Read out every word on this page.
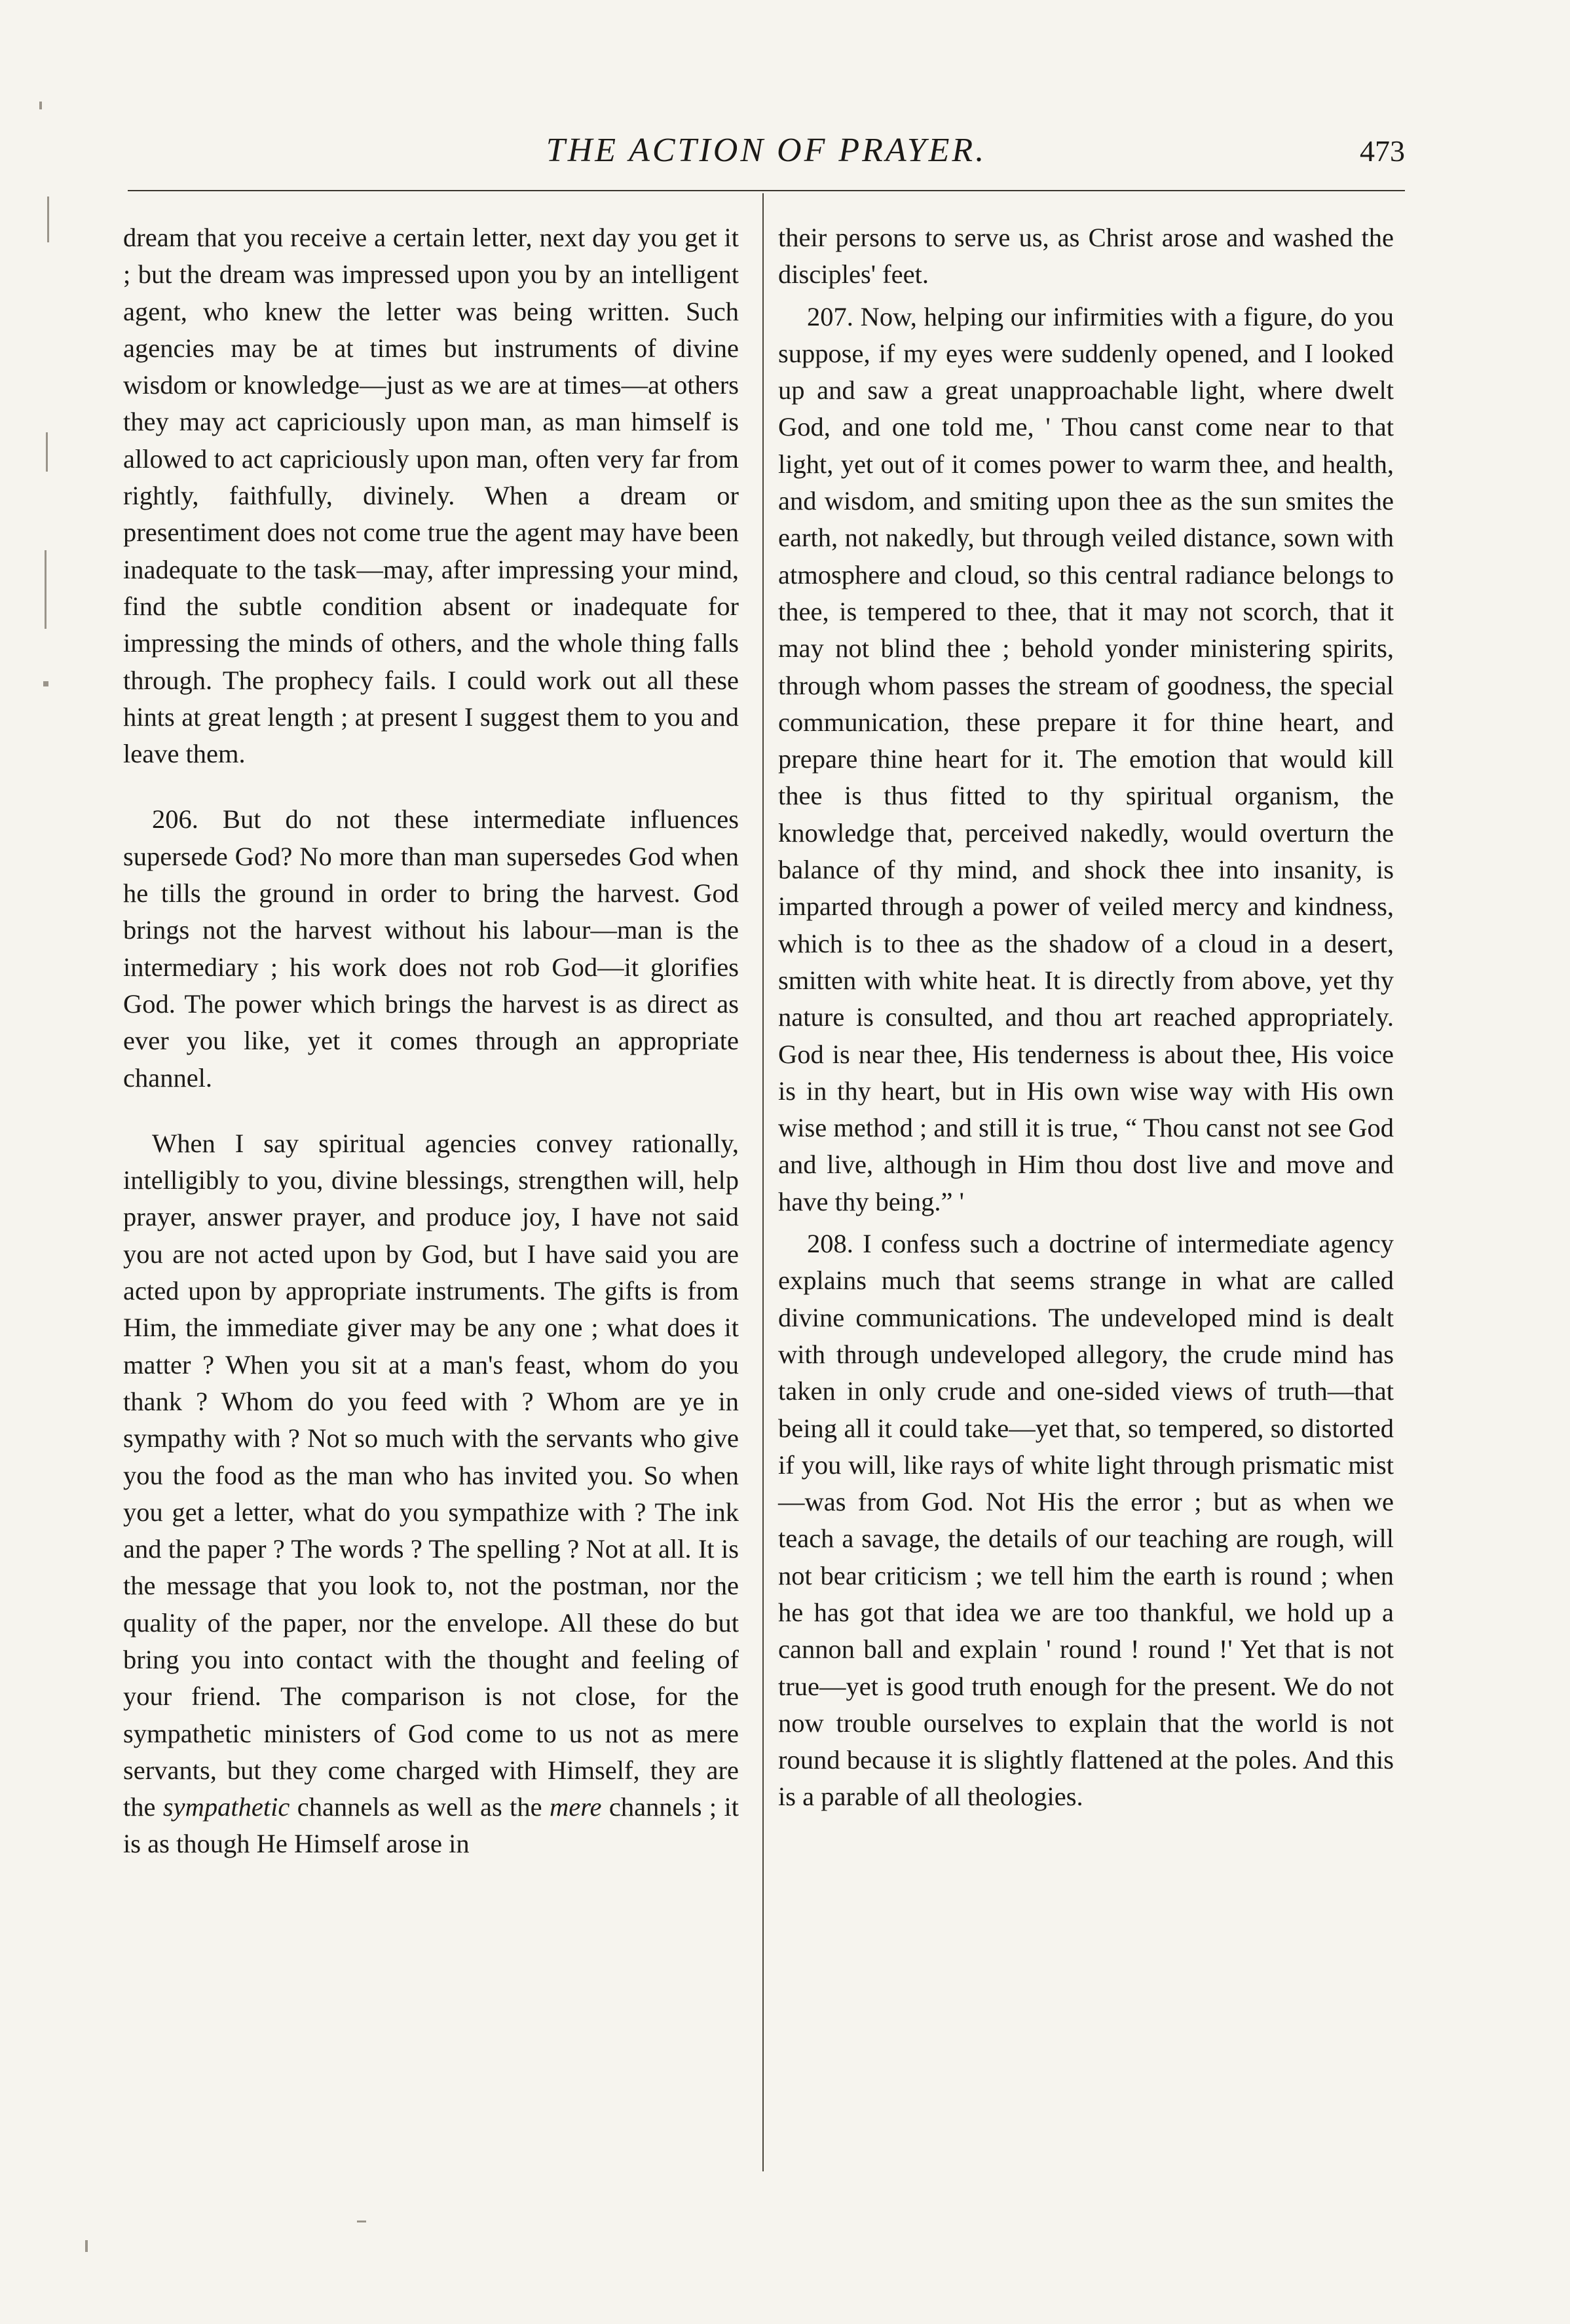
THE ACTION OF PRAYER.	473

dream that you receive a certain letter, next day you get it ; but the dream was impressed upon you by an intelligent agent, who knew the letter was being written. Such agencies may be at times but instruments of divine wisdom or knowledge—just as we are at times—at others they may act capriciously upon man, as man himself is allowed to act capriciously upon man, often very far from rightly, faithfully, divinely. When a dream or presentiment does not come true the agent may have been inadequate to the task—may, after impressing your mind, find the subtle condition absent or inadequate for impressing the minds of others, and the whole thing falls through. The prophecy fails. I could work out all these hints at great length ; at present I suggest them to you and leave them.

206. But do not these intermediate influences supersede God? No more than man supersedes God when he tills the ground in order to bring the harvest. God brings not the harvest without his labour—man is the intermediary ; his work does not rob God—it glorifies God. The power which brings the harvest is as direct as ever you like, yet it comes through an appropriate channel.

When I say spiritual agencies convey rationally, intelligibly to you, divine blessings, strengthen will, help prayer, answer prayer, and produce joy, I have not said you are not acted upon by God, but I have said you are acted upon by appropriate instruments. The gifts is from Him, the immediate giver may be any one ; what does it matter ? When you sit at a man's feast, whom do you thank ? Whom do you feed with ? Whom are ye in sympathy with ? Not so much with the servants who give you the food as the man who has invited you. So when you get a letter, what do you sympathize with ? The ink and the paper ? The words ? The spelling ? Not at all. It is the message that you look to, not the postman, nor the quality of the paper, nor the envelope. All these do but bring you into contact with the thought and feeling of your friend. The comparison is not close, for the sympathetic ministers of God come to us not as mere servants, but they come charged with Himself, they are the sympathetic channels as well as the mere channels ; it is as though He Himself arose in

their persons to serve us, as Christ arose and washed the disciples' feet.

207. Now, helping our infirmities with a figure, do you suppose, if my eyes were suddenly opened, and I looked up and saw a great unapproachable light, where dwelt God, and one told me, ' Thou canst come near to that light, yet out of it comes power to warm thee, and health, and wisdom, and smiting upon thee as the sun smites the earth, not nakedly, but through veiled distance, sown with atmosphere and cloud, so this central radiance belongs to thee, is tempered to thee, that it may not scorch, that it may not blind thee ; behold yonder ministering spirits, through whom passes the stream of goodness, the special communication, these prepare it for thine heart, and prepare thine heart for it. The emotion that would kill thee is thus fitted to thy spiritual organism, the knowledge that, perceived nakedly, would overturn the balance of thy mind, and shock thee into insanity, is imparted through a power of veiled mercy and kindness, which is to thee as the shadow of a cloud in a desert, smitten with white heat. It is directly from above, yet thy nature is consulted, and thou art reached appropriately. God is near thee, His tenderness is about thee, His voice is in thy heart, but in His own wise way with His own wise method ; and still it is true, “ Thou canst not see God and live, although in Him thou dost live and move and have thy being.” '

208. I confess such a doctrine of intermediate agency explains much that seems strange in what are called divine communications. The undeveloped mind is dealt with through undeveloped allegory, the crude mind has taken in only crude and one-sided views of truth—that being all it could take—yet that, so tempered, so distorted if you will, like rays of white light through prismatic mist—was from God. Not His the error ; but as when we teach a savage, the details of our teaching are rough, will not bear criticism ; we tell him the earth is round ; when he has got that idea we are too thankful, we hold up a cannon ball and explain ' round ! round !' Yet that is not true—yet is good truth enough for the present. We do not now trouble ourselves to explain that the world is not round because it is slightly flattened at the poles. And this is a parable of all theologies.
